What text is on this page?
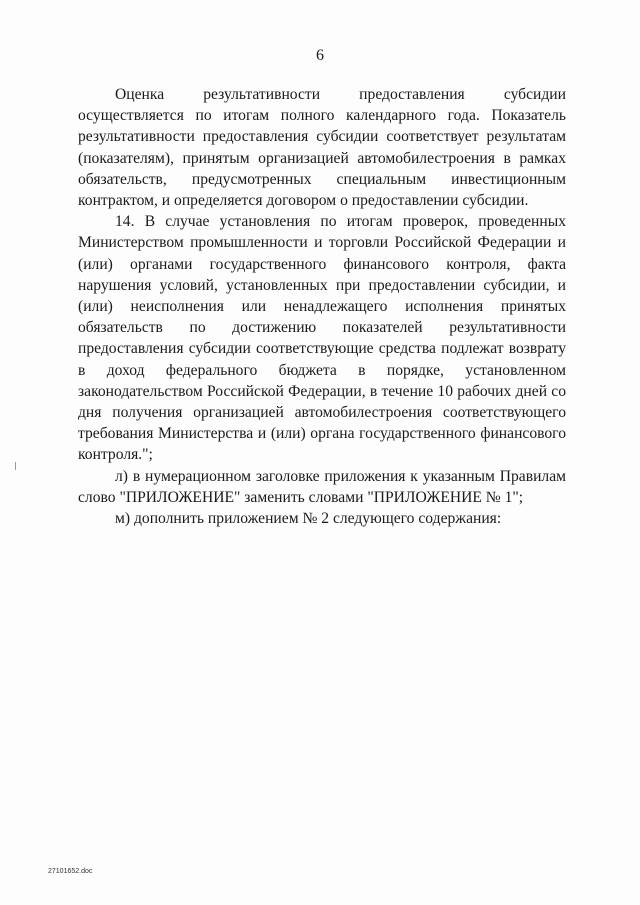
6

Оценка результативности предоставления субсидии осуществляется по итогам полного календарного года. Показатель результативности предоставления субсидии соответствует результатам (показателям), принятым организацией автомобилестроения в рамках обязательств, предусмотренных специальным инвестиционным контрактом, и определяется договором о предоставлении субсидии.

14. В случае установления по итогам проверок, проведенных Министерством промышленности и торговли Российской Федерации и (или) органами государственного финансового контроля, факта нарушения условий, установленных при предоставлении субсидии, и (или) неисполнения или ненадлежащего исполнения принятых обязательств по достижению показателей результативности предоставления субсидии соответствующие средства подлежат возврату в доход федерального бюджета в порядке, установленном законодательством Российской Федерации, в течение 10 рабочих дней со дня получения организацией автомобилестроения соответствующего требования Министерства и (или) органа государственного финансового контроля.";

л) в нумерационном заголовке приложения к указанным Правилам слово "ПРИЛОЖЕНИЕ" заменить словами "ПРИЛОЖЕНИЕ № 1";

м) дополнить приложением № 2 следующего содержания:

27101652.doc
